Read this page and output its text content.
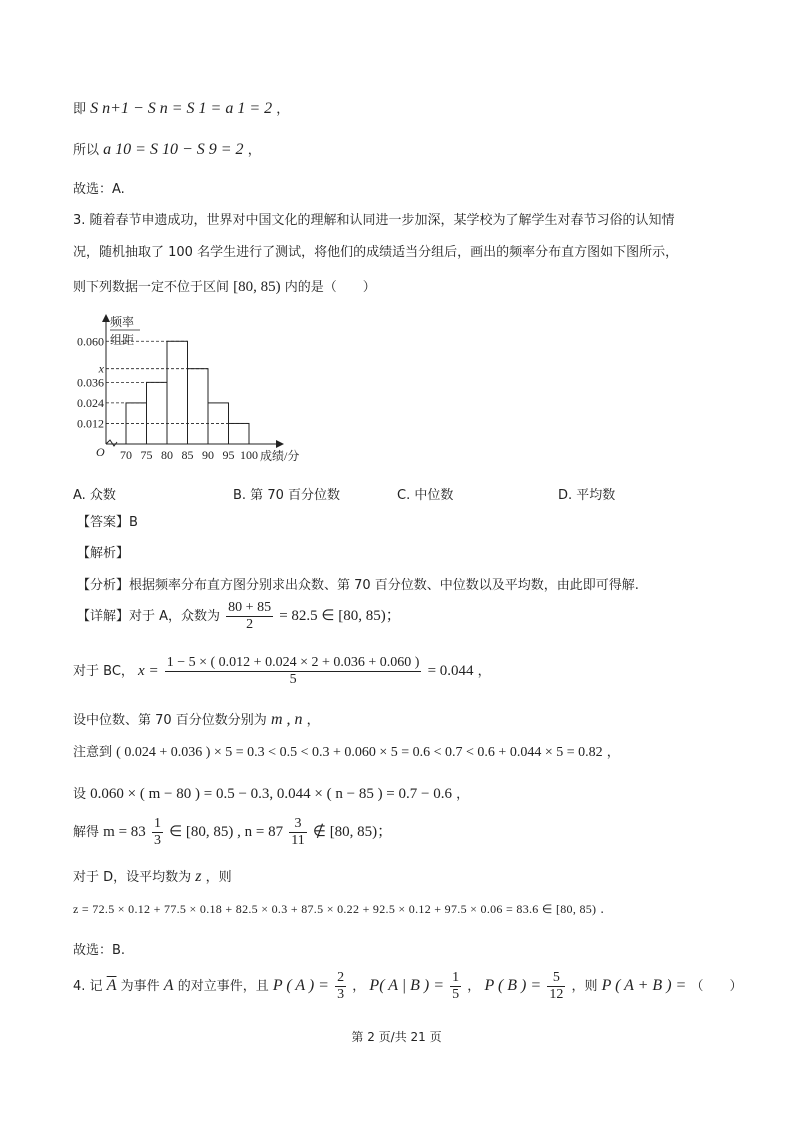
即 S n+1 − S n = S 1 = a 1 = 2 ，
所以 a 10 = S 10 − S 9 = 2 ，
故选：A.
3. 随着春节申遗成功，世界对中国文化的理解和认同进一步加深，某学校为了解学生对春节习俗的认知情
况，随机抽取了 100 名学生进行了测试，将他们的成绩适当分组后，画出的频率分布直方图如下图所示，
则下列数据一定不位于区间 [80, 85) 内的是（　　）
频率
组距
O	成绩/分
0.060
x
0.036
0.024
0.012
70 75 80 85 90 95 100
A. 众数	B. 第 70 百分位数	C. 中位数	D. 平均数
【答案】B
【解析】
【分析】根据频率分布直方图分别求出众数、第 70 百分位数、中位数以及平均数，由此即可得解.
【详解】对于 A，众数为 $\frac{80 + 85}{2} = 82.5$ ∈ [80, 85)；
对于 BC， $x = \frac{1 - 5 \times ( 0.012 + 0.024 \times 2 + 0.036 + 0.060 )}{5} = 0.044$ ，
设中位数、第 70 百分位数分别为 m , n ，
注意到 ( 0.024 + 0.036 ) × 5 = 0.3 < 0.5 < 0.3 + 0.060 × 5 = 0.6 < 0.7 < 0.6 + 0.044 × 5 = 0.82 ，
设 0.060 × ( m − 80 ) = 0.5 − 0.3, 0.044 × ( n − 85 ) = 0.7 − 0.6 ，
解得 $m = 83 \frac{1}{3}$ ∈ [80, 85) , $n = 87 \frac{3}{11}$ ∉ [80, 85)；
对于 D，设平均数为 z ，则
z = 72.5 × 0.12 + 77.5 × 0.18 + 82.5 × 0.3 + 87.5 × 0.22 + 92.5 × 0.12 + 97.5 × 0.06 = 83.6 ∈ [80, 85) .
故选：B.
4. 记 $\overline{A}$ 为事件 A 的对立事件，且 P ( A ) = $\frac{2}{3}$ ， P( A | B ) = $\frac{1}{5}$ ， P ( B ) = $\frac{5}{12}$ ，则 P ( A + B ) = （　　）
第 2 页/共 21 页
